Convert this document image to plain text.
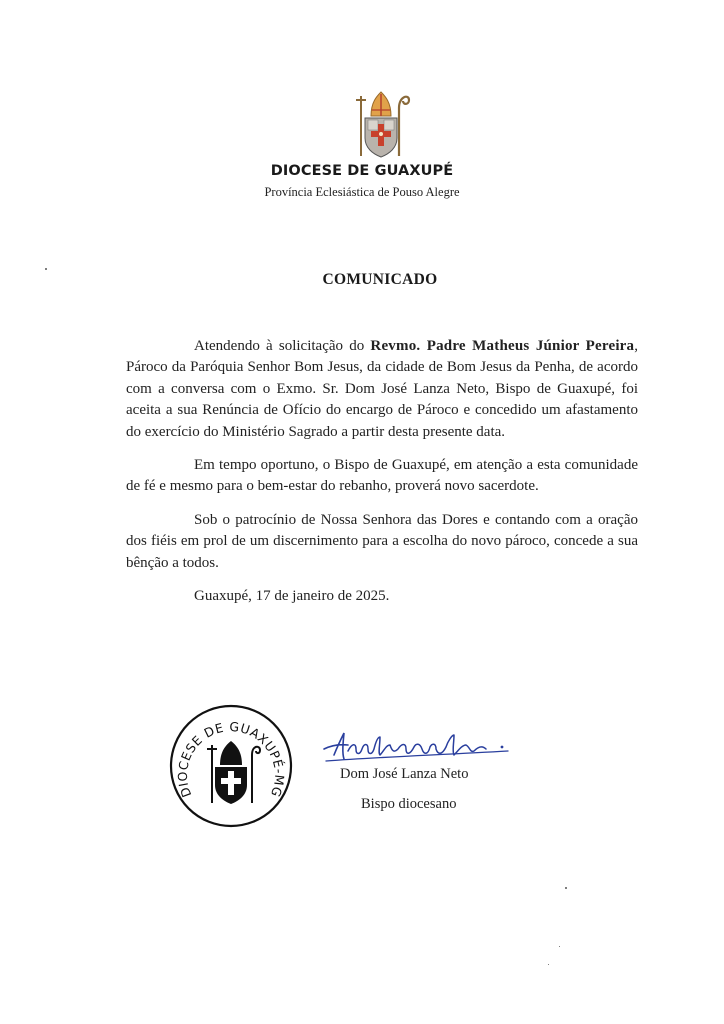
DIOCESE DE GUAXUPÉ
Província Eclesiástica de Pouso Alegre
COMUNICADO

Atendendo à solicitação do Revmo. Padre Matheus Júnior Pereira, Pároco da Paróquia Senhor Bom Jesus, da cidade de Bom Jesus da Penha, de acordo com a conversa com o Exmo. Sr. Dom José Lanza Neto, Bispo de Guaxupé, foi aceita a sua Renúncia de Ofício do encargo de Pároco e concedido um afastamento do exercício do Ministério Sagrado a partir desta presente data.

Em tempo oportuno, o Bispo de Guaxupé, em atenção a esta comunidade de fé e mesmo para o bem-estar do rebanho, proverá novo sacerdote.

Sob o patrocínio de Nossa Senhora das Dores e contando com a oração dos fiéis em prol de um discernimento para a escolha do novo pároco, concede a sua bênção a todos.

Guaxupé, 17 de janeiro de 2025.

DIOCESE DE GUAXUPÉ-MG
Dom José Lanza Neto
Bispo diocesano
